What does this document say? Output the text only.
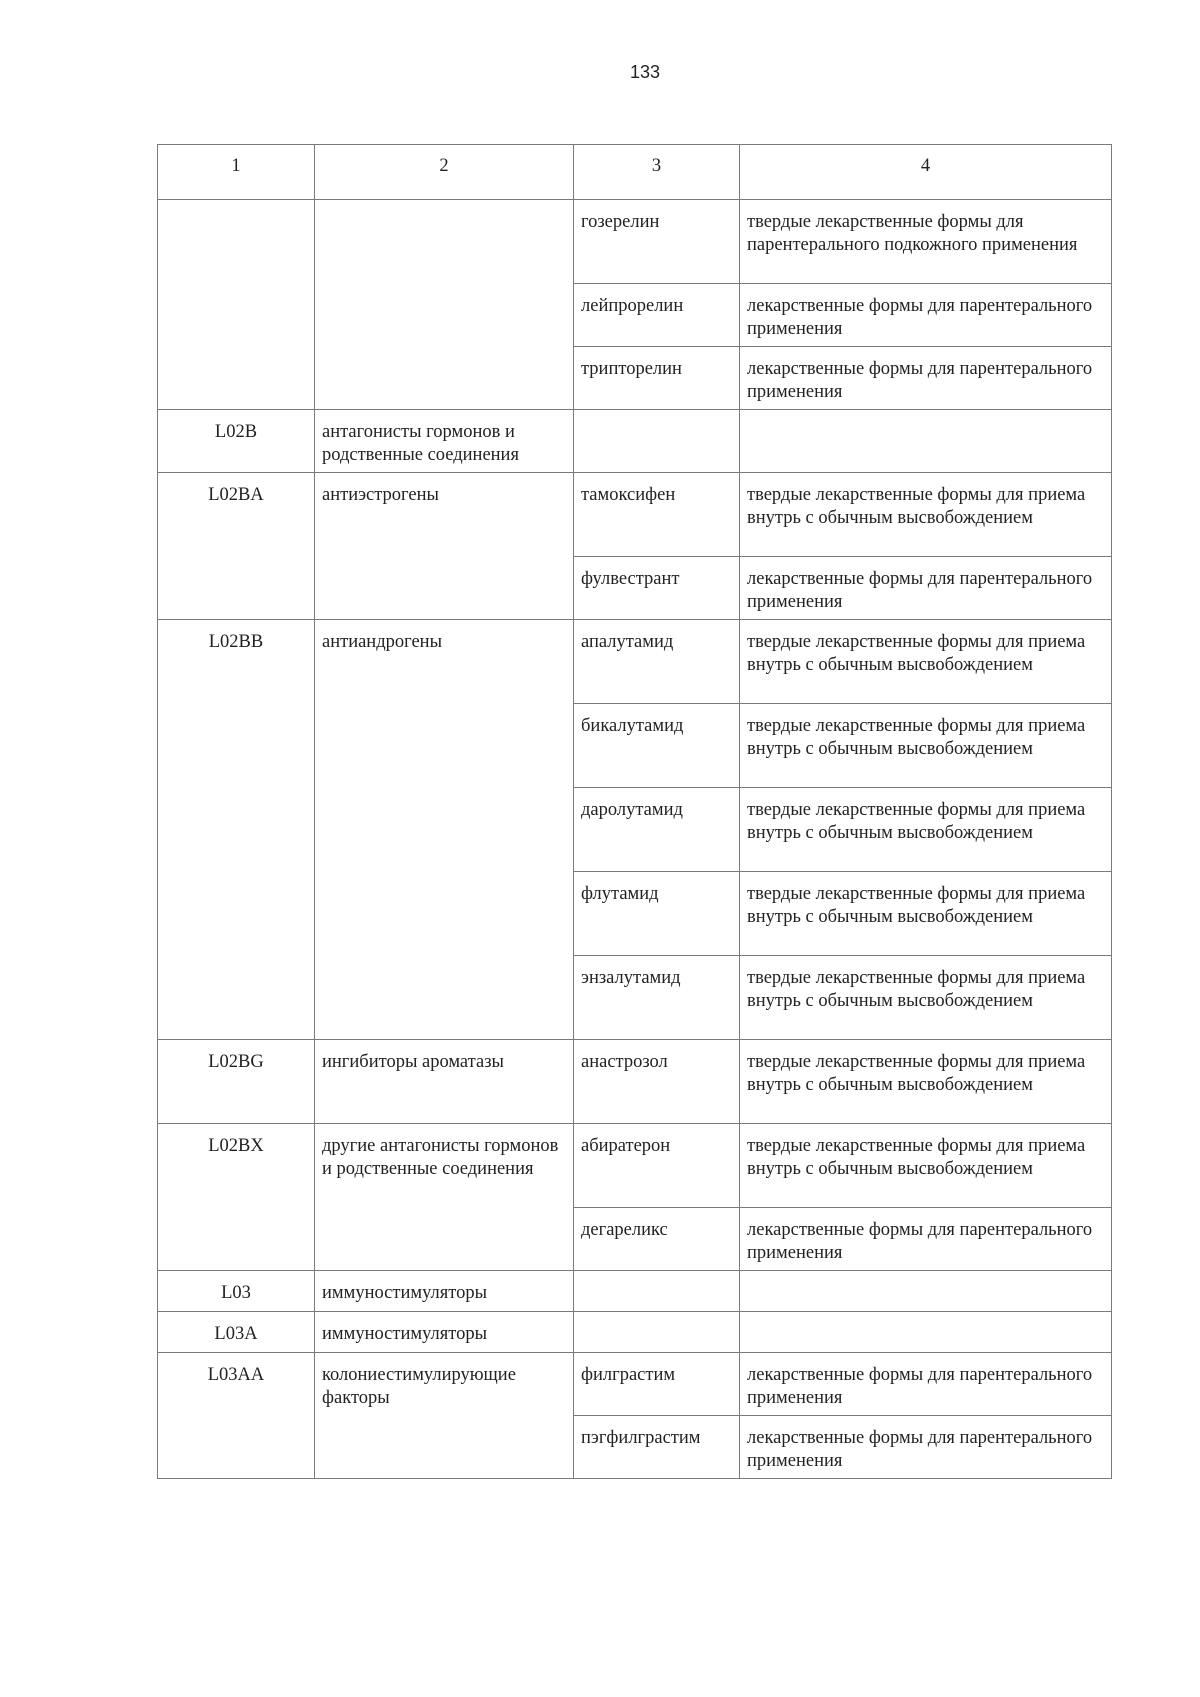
133
1	2	3	4
		гозерелин	твердые лекарственные формы для парентерального подкожного применения
		лейпрорелин	лекарственные формы для парентерального применения
		трипторелин	лекарственные формы для парентерального применения
L02B	антагонисты гормонов и родственные соединения		
L02BA	антиэстрогены	тамоксифен	твердые лекарственные формы для приема внутрь с обычным высвобождением
		фулвестрант	лекарственные формы для парентерального применения
L02BB	антиандрогены	апалутамид	твердые лекарственные формы для приема внутрь с обычным высвобождением
		бикалутамид	твердые лекарственные формы для приема внутрь с обычным высвобождением
		даролутамид	твердые лекарственные формы для приема внутрь с обычным высвобождением
		флутамид	твердые лекарственные формы для приема внутрь с обычным высвобождением
		энзалутамид	твердые лекарственные формы для приема внутрь с обычным высвобождением
L02BG	ингибиторы ароматазы	анастрозол	твердые лекарственные формы для приема внутрь с обычным высвобождением
L02BX	другие антагонисты гормонов и родственные соединения	абиратерон	твердые лекарственные формы для приема внутрь с обычным высвобождением
		дегареликс	лекарственные формы для парентерального применения
L03	иммуностимуляторы		
L03A	иммуностимуляторы		
L03AA	колониестимулирующие факторы	филграстим	лекарственные формы для парентерального применения
		пэгфилграстим	лекарственные формы для парентерального применения
